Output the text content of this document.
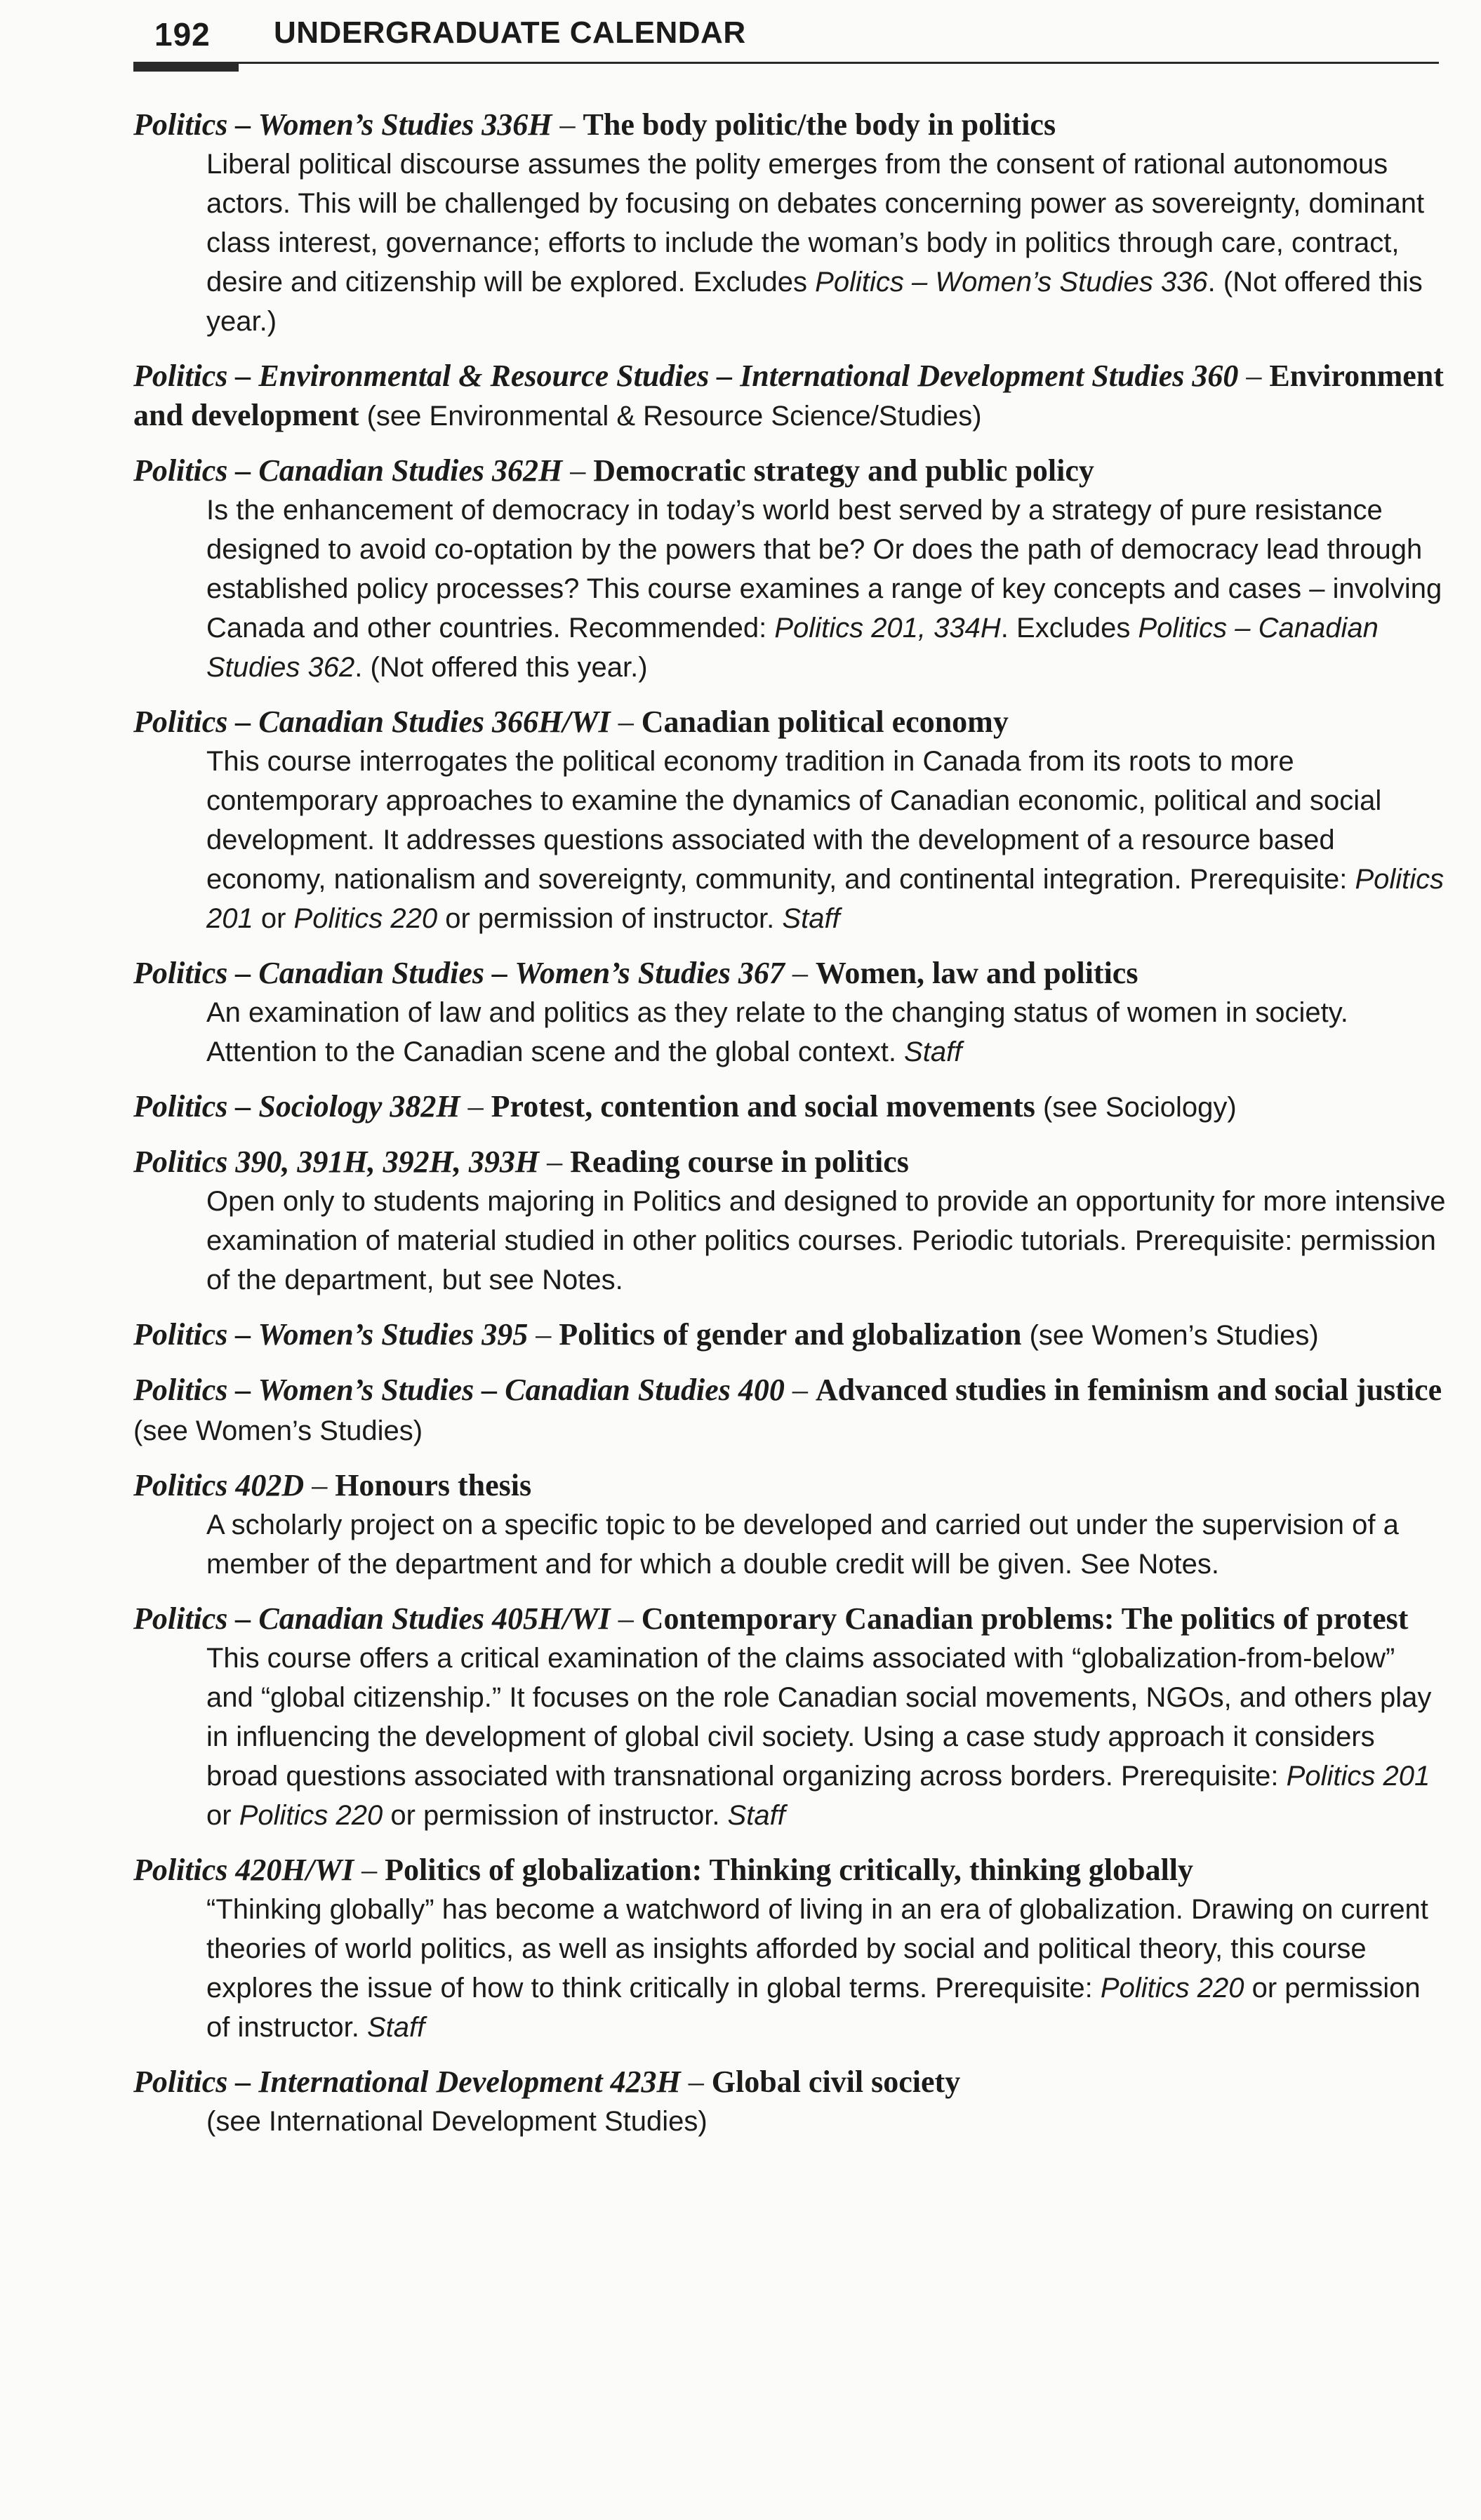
192 UNDERGRADUATE CALENDAR

Politics – Women’s Studies 336H – The body politic/the body in politics

Liberal political discourse assumes the polity emerges from the consent of rational autonomous actors. This will be challenged by focusing on debates concerning power as sovereignty, dominant class interest, governance; efforts to include the woman’s body in politics through care, contract, desire and citizenship will be explored. Excludes Politics – Women’s Studies 336. (Not offered this year.)

Politics – Environmental & Resource Studies – International Development Studies 360 – Environment and development (see Environmental & Resource Science/Studies)

Politics – Canadian Studies 362H – Democratic strategy and public policy

Is the enhancement of democracy in today’s world best served by a strategy of pure resistance designed to avoid co-optation by the powers that be? Or does the path of democracy lead through established policy processes? This course examines a range of key concepts and cases – involving Canada and other countries. Recommended: Politics 201, 334H. Excludes Politics – Canadian Studies 362. (Not offered this year.)

Politics – Canadian Studies 366H/WI – Canadian political economy

This course interrogates the political economy tradition in Canada from its roots to more contemporary approaches to examine the dynamics of Canadian economic, political and social development. It addresses questions associated with the development of a resource based economy, nationalism and sovereignty, community, and continental integration. Prerequisite: Politics 201 or Politics 220 or permission of instructor. Staff

Politics – Canadian Studies – Women’s Studies 367 – Women, law and politics

An examination of law and politics as they relate to the changing status of women in society. Attention to the Canadian scene and the global context. Staff

Politics – Sociology 382H – Protest, contention and social movements (see Sociology)

Politics 390, 391H, 392H, 393H – Reading course in politics

Open only to students majoring in Politics and designed to provide an opportunity for more intensive examination of material studied in other politics courses. Periodic tutorials. Prerequisite: permission of the department, but see Notes.

Politics – Women’s Studies 395 – Politics of gender and globalization (see Women’s Studies)

Politics – Women’s Studies – Canadian Studies 400 – Advanced studies in feminism and social justice (see Women’s Studies)

Politics 402D – Honours thesis

A scholarly project on a specific topic to be developed and carried out under the supervision of a member of the department and for which a double credit will be given. See Notes.

Politics – Canadian Studies 405H/WI – Contemporary Canadian problems: The politics of protest

This course offers a critical examination of the claims associated with “globalization-from-below” and “global citizenship.” It focuses on the role Canadian social movements, NGOs, and others play in influencing the development of global civil society. Using a case study approach it considers broad questions associated with transnational organizing across borders. Prerequisite: Politics 201 or Politics 220 or permission of instructor. Staff

Politics 420H/WI – Politics of globalization: Thinking critically, thinking globally

“Thinking globally” has become a watchword of living in an era of globalization. Drawing on current theories of world politics, as well as insights afforded by social and political theory, this course explores the issue of how to think critically in global terms. Prerequisite: Politics 220 or permission of instructor. Staff

Politics – International Development 423H – Global civil society

(see International Development Studies)
